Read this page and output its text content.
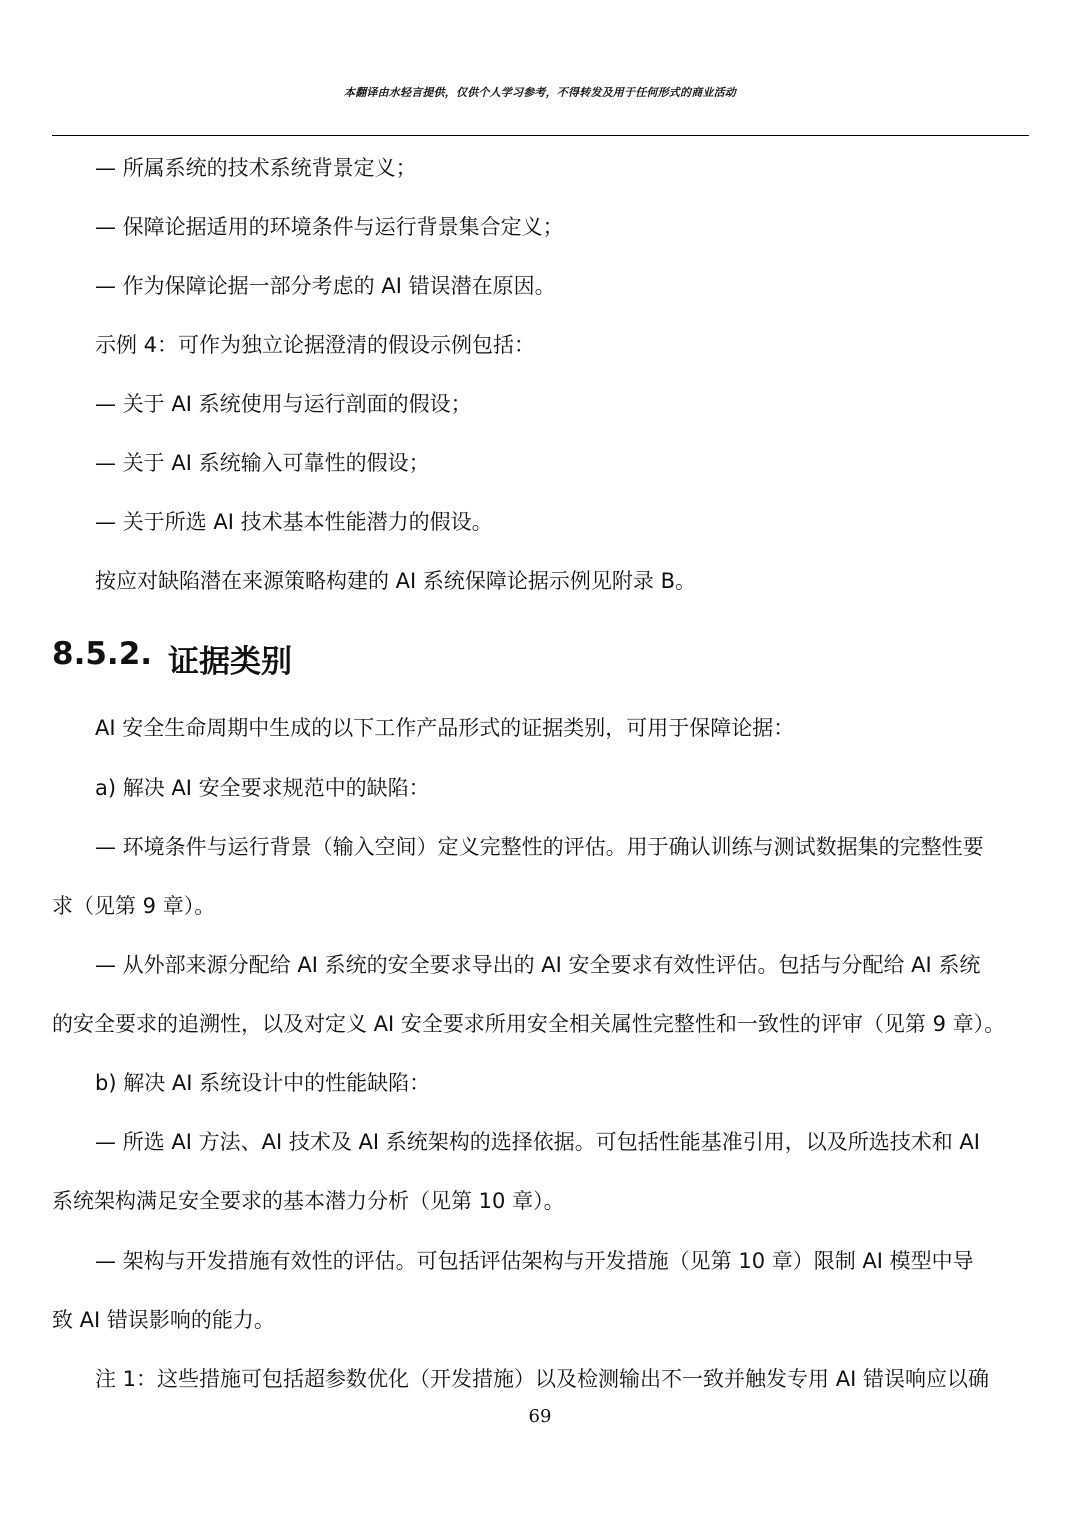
本翻译由水轻言提供，仅供个人学习参考，不得转发及用于任何形式的商业活动
— 所属系统的技术系统背景定义；
— 保障论据适用的环境条件与运行背景集合定义；
— 作为保障论据一部分考虑的 AI 错误潜在原因。
示例 4：可作为独立论据澄清的假设示例包括：
— 关于 AI 系统使用与运行剖面的假设；
— 关于 AI 系统输入可靠性的假设；
— 关于所选 AI 技术基本性能潜力的假设。
按应对缺陷潜在来源策略构建的 AI 系统保障论据示例见附录 B。
8.5.2. 证据类别
AI 安全生命周期中生成的以下工作产品形式的证据类别，可用于保障论据：
a) 解决 AI 安全要求规范中的缺陷：
— 环境条件与运行背景（输入空间）定义完整性的评估。用于确认训练与测试数据集的完整性要
求（见第 9 章）。
— 从外部来源分配给 AI 系统的安全要求导出的 AI 安全要求有效性评估。包括与分配给 AI 系统
的安全要求的追溯性，以及对定义 AI 安全要求所用安全相关属性完整性和一致性的评审（见第 9 章）。
b) 解决 AI 系统设计中的性能缺陷：
— 所选 AI 方法、AI 技术及 AI 系统架构的选择依据。可包括性能基准引用，以及所选技术和 AI
系统架构满足安全要求的基本潜力分析（见第 10 章）。
— 架构与开发措施有效性的评估。可包括评估架构与开发措施（见第 10 章）限制 AI 模型中导
致 AI 错误影响的能力。
注 1：这些措施可包括超参数优化（开发措施）以及检测输出不一致并触发专用 AI 错误响应以确
69
